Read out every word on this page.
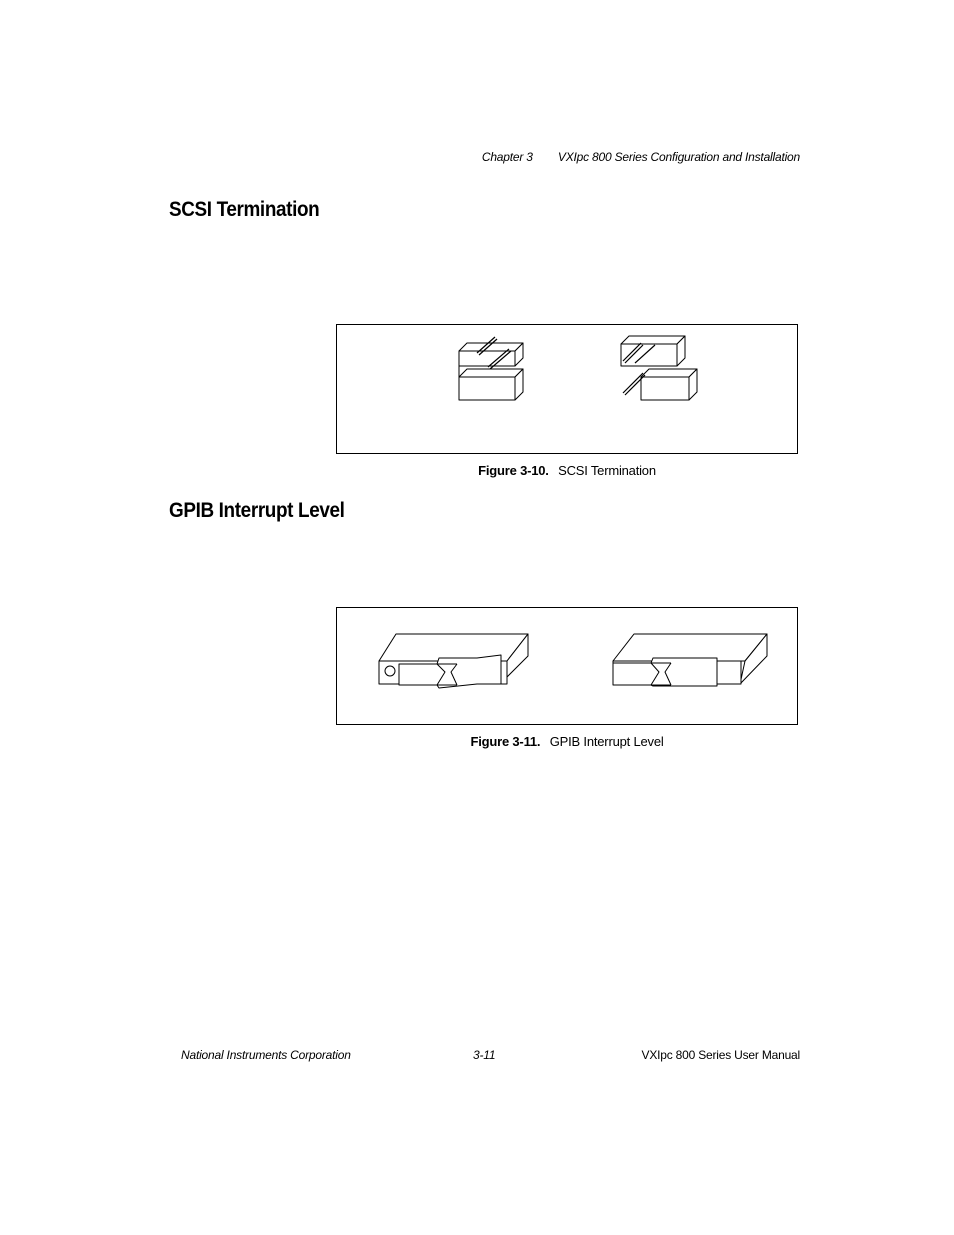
Chapter 3 VXIpc 800 Series Configuration and Installation
SCSI Termination
Figure 3-10. SCSI Termination
GPIB Interrupt Level
Figure 3-11. GPIB Interrupt Level
National Instruments Corporation	3-11	VXIpc 800 Series User Manual
